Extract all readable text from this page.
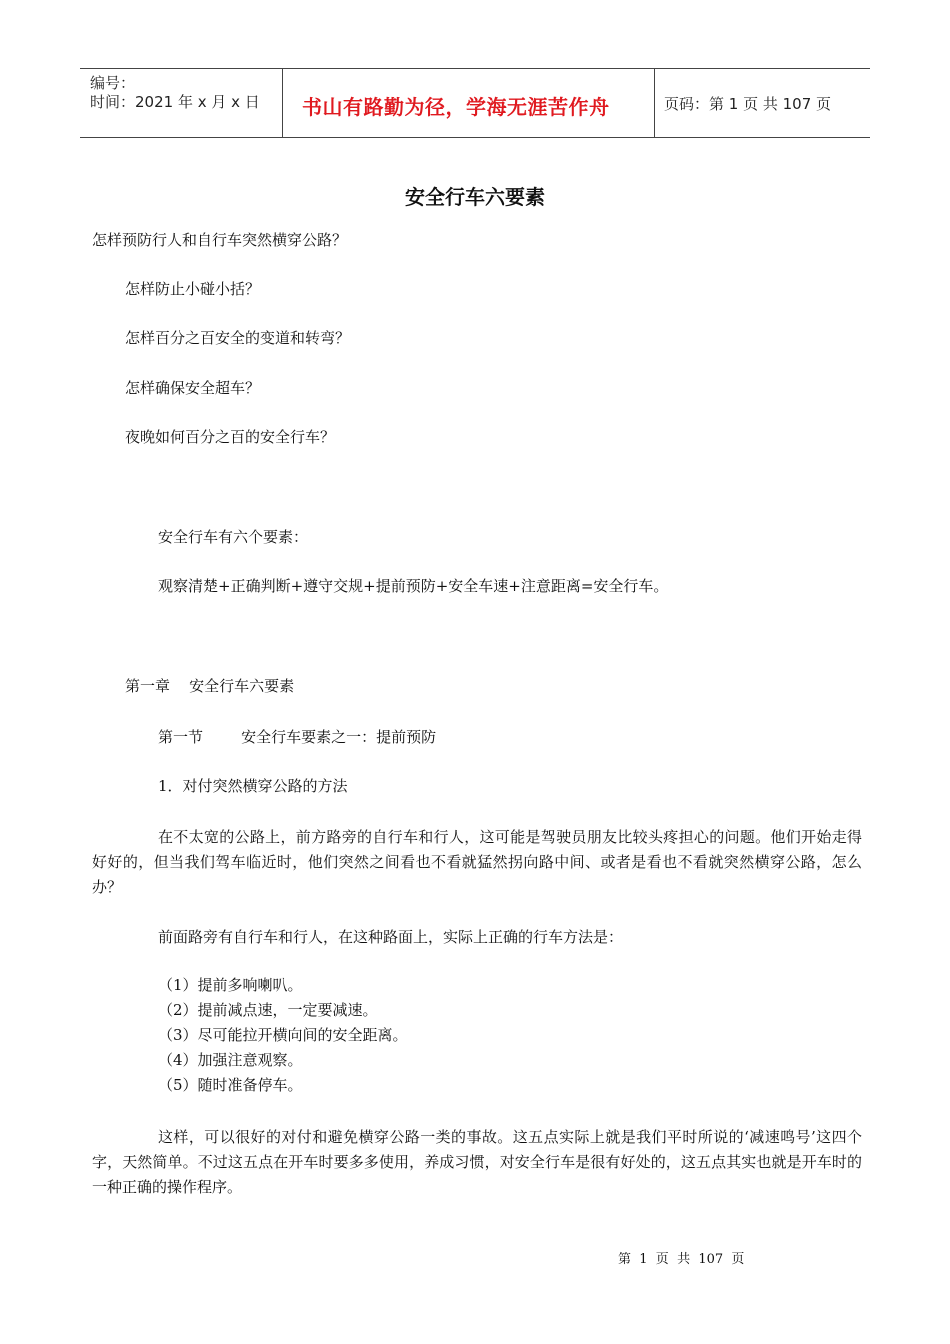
编号：
时间：2021 年 x 月 x 日 书山有路勤为径，学海无涯苦作舟	页码：第 1 页 共 107 页
安全行车六要素
怎样预防行人和自行车突然横穿公路？
怎样防止小碰小括？
怎样百分之百安全的变道和转弯？
怎样确保安全超车？
夜晚如何百分之百的安全行车？
安全行车有六个要素：
观察清楚+正确判断+遵守交规+提前预防+安全车速+注意距离=安全行车。
第一章    安全行车六要素
第一节        安全行车要素之一：提前预防
1．对付突然横穿公路的方法
在不太宽的公路上，前方路旁的自行车和行人，这可能是驾驶员朋友比较头疼担心的问题。他们开始走得好好的，但当我们驾车临近时，他们突然之间看也不看就猛然拐向路中间、或者是看也不看就突然横穿公路，怎么办？
前面路旁有自行车和行人，在这种路面上，实际上正确的行车方法是：
（1）提前多响喇叭。
（2）提前减点速，一定要减速。
（3）尽可能拉开横向间的安全距离。
（4）加强注意观察。
（5）随时准备停车。
这样，可以很好的对付和避免横穿公路一类的事故。这五点实际上就是我们平时所说的‘减速鸣号’这四个字，天然简单。不过这五点在开车时要多多使用，养成习惯，对安全行车是很有好处的，这五点其实也就是开车时的一种正确的操作程序。
第  1  页  共  107  页
